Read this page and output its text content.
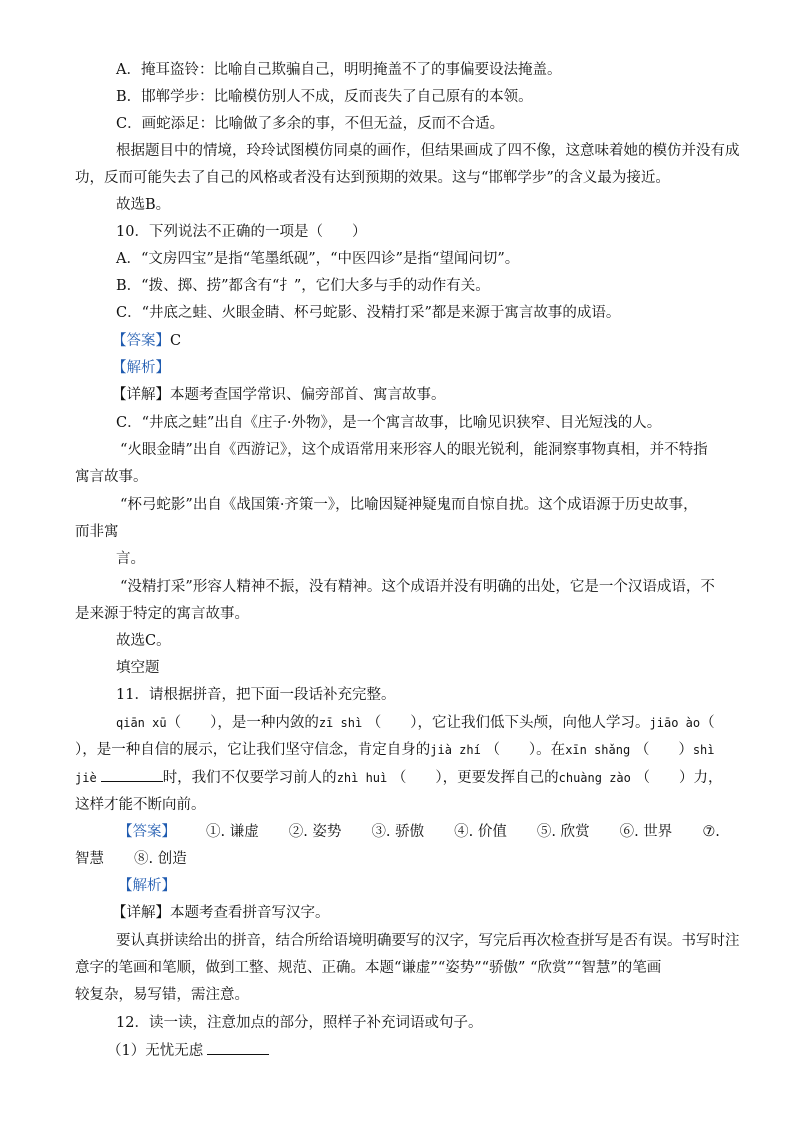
A．掩耳盗铃：比喻自己欺骗自己，明明掩盖不了的事偏要设法掩盖。
B．邯郸学步：比喻模仿别人不成，反而丧失了自己原有的本领。
C．画蛇添足：比喻做了多余的事，不但无益，反而不合适。
根据题目中的情境，玲玲试图模仿同桌的画作，但结果画成了四不像，这意味着她的模仿并没有成
功，反而可能失去了自己的风格或者没有达到预期的效果。这与“邯郸学步”的含义最为接近。
故选B。
10．下列说法不正确的一项是（　　）
A．“文房四宝”是指“笔墨纸砚”，“中医四诊”是指“望闻问切”。
B．“拨、掷、捞”都含有“扌”，它们大多与手的动作有关。
C．“井底之蛙、火眼金睛、杯弓蛇影、没精打采”都是来源于寓言故事的成语。
【答案】C
【解析】
【详解】本题考查国学常识、偏旁部首、寓言故事。
C．“井底之蛙”出自《庄子·外物》，是一个寓言故事，比喻见识狭窄、目光短浅的人。
“火眼金睛”出自《西游记》，这个成语常用来形容人的眼光锐利，能洞察事物真相，并不特指
寓言故事。
“杯弓蛇影”出自《战国策·齐策一》，比喻因疑神疑鬼而自惊自扰。这个成语源于历史故事，
而非寓
言。
“没精打采”形容人精神不振，没有精神。这个成语并没有明确的出处，它是一个汉语成语，不
是来源于特定的寓言故事。
故选C。
填空题
11．请根据拼音，把下面一段话补充完整。
qiān xū（　　），是一种内敛的zī shì （　　），它让我们低下头颅，向他人学习。jiāo ào（
），是一种自信的展示，它让我们坚守信念，肯定自身的jià zhí （　　）。在xīn shǎng （　　）shì
jiè	时，我们不仅要学习前人的zhì huì （　　），更要发挥自己的chuàng zào （　　）力，
这样才能不断向前。
【答案】 ①. 谦虚 ②. 姿势 ③. 骄傲 ④. 价值 ⑤. 欣赏 ⑥. 世界 ⑦.
智慧 ⑧. 创造
【解析】
【详解】本题考查看拼音写汉字。
要认真拼读给出的拼音，结合所给语境明确要写的汉字，写完后再次检查拼写是否有误。书写时注
意字的笔画和笔顺，做到工整、规范、正确。本题“谦虚”“姿势”“骄傲” “欣赏”“智慧”的笔画
较复杂，易写错，需注意。
12．读一读，注意加点的部分，照样子补充词语或句子。
（1）无忧无虑
